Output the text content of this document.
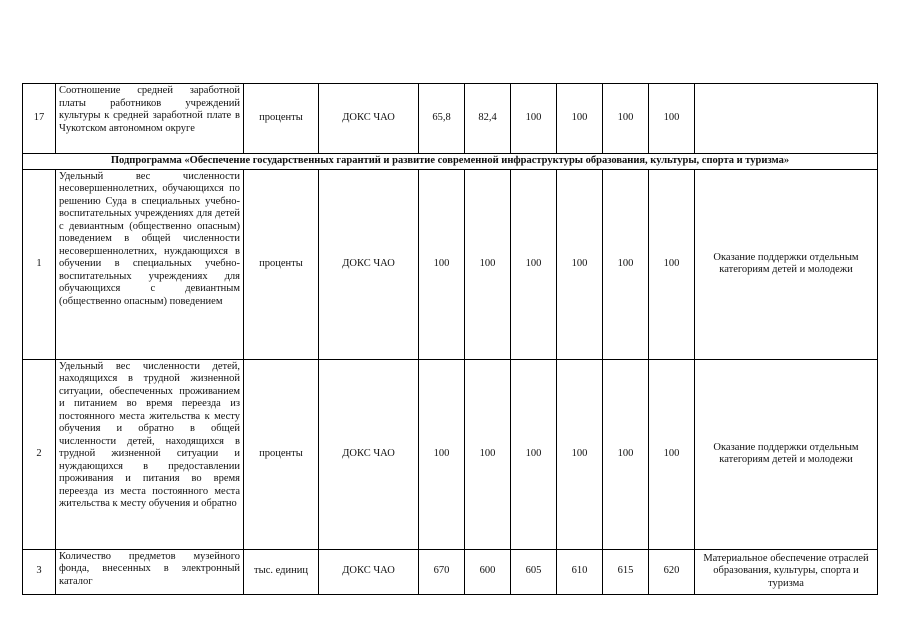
17	Соотношение средней заработной платы работников учреждений культуры к средней заработной плате в Чукотском автономном округе	проценты	ДОКС ЧАО	65,8	82,4	100	100	100	100	
Подпрограмма «Обеспечение государственных гарантий и развитие современной инфраструктуры образования, культуры, спорта и туризма»										
1	Удельный вес численности несовершеннолетних, обучающихся по решению Суда в специальных учебно-воспитательных учреждениях для детей с девиантным (общественно опасным) поведением в общей численности несовершеннолетних, нуждающихся в обучении в специальных учебно-воспитательных учреждениях для обучающихся с девиантным (общественно опасным) поведением	проценты	ДОКС ЧАО	100	100	100	100	100	100	Оказание поддержки отдельным категориям детей и молодежи
2	Удельный вес численности детей, находящихся в трудной жизненной ситуации, обеспеченных проживанием и питанием во время переезда из постоянного места жительства к месту обучения и обратно в общей численности детей, находящихся в трудной жизненной ситуации и нуждающихся в предоставлении проживания и питания во время переезда из места постоянного места жительства к месту обучения и обратно	проценты	ДОКС ЧАО	100	100	100	100	100	100	Оказание поддержки отдельным категориям детей и молодежи
3	Количество предметов музейного фонда, внесенных в электронный каталог	тыс. единиц	ДОКС ЧАО	670	600	605	610	615	620	Материальное обеспечение отраслей образования, культуры, спорта и туризма
